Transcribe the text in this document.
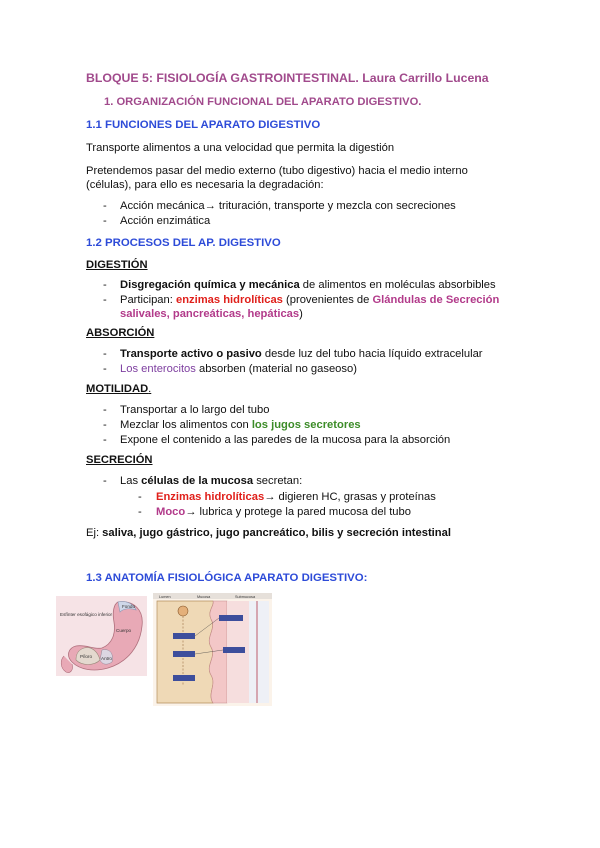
BLOQUE 5: FISIOLOGÍA GASTROINTESTINAL. Laura Carrillo Lucena
1. ORGANIZACIÓN FUNCIONAL DEL APARATO DIGESTIVO.
1.1 FUNCIONES DEL APARATO DIGESTIVO
Transporte alimentos a una velocidad que permita la digestión
Pretendemos pasar del medio externo (tubo digestivo) hacia el medio interno (células), para ello es necesaria la degradación:
- Acción mecánica→ trituración, transporte y mezcla con secreciones
- Acción enzimática
1.2 PROCESOS DEL AP. DIGESTIVO
DIGESTIÓN
- Disgregación química y mecánica de alimentos en moléculas absorbibles
- Participan: enzimas hidrolíticas (provenientes de Glándulas de Secreción salivales, pancreáticas, hepáticas)
ABSORCIÓN
- Transporte activo o pasivo desde luz del tubo hacia líquido extracelular
- Los enterocitos absorben (material no gaseoso)
MOTILIDAD.
- Transportar a lo largo del tubo
- Mezclar los alimentos con los jugos secretores
- Expone el contenido a las paredes de la mucosa para la absorción
SECRECIÓN
- Las células de la mucosa secretan:
- Enzimas hidrolíticas→ digieren HC, grasas y proteínas
- Moco→ lubrica y protege la pared mucosa del tubo
Ej: saliva, jugo gástrico, jugo pancreático, bilis y secreción intestinal
1.3 ANATOMÍA FISIOLÓGICA APARATO DIGESTIVO:
Esfínter esofágico inferior
Fondo
Cuerpo
Píloro Antro
Lumen	Mucosa	Submucosa
